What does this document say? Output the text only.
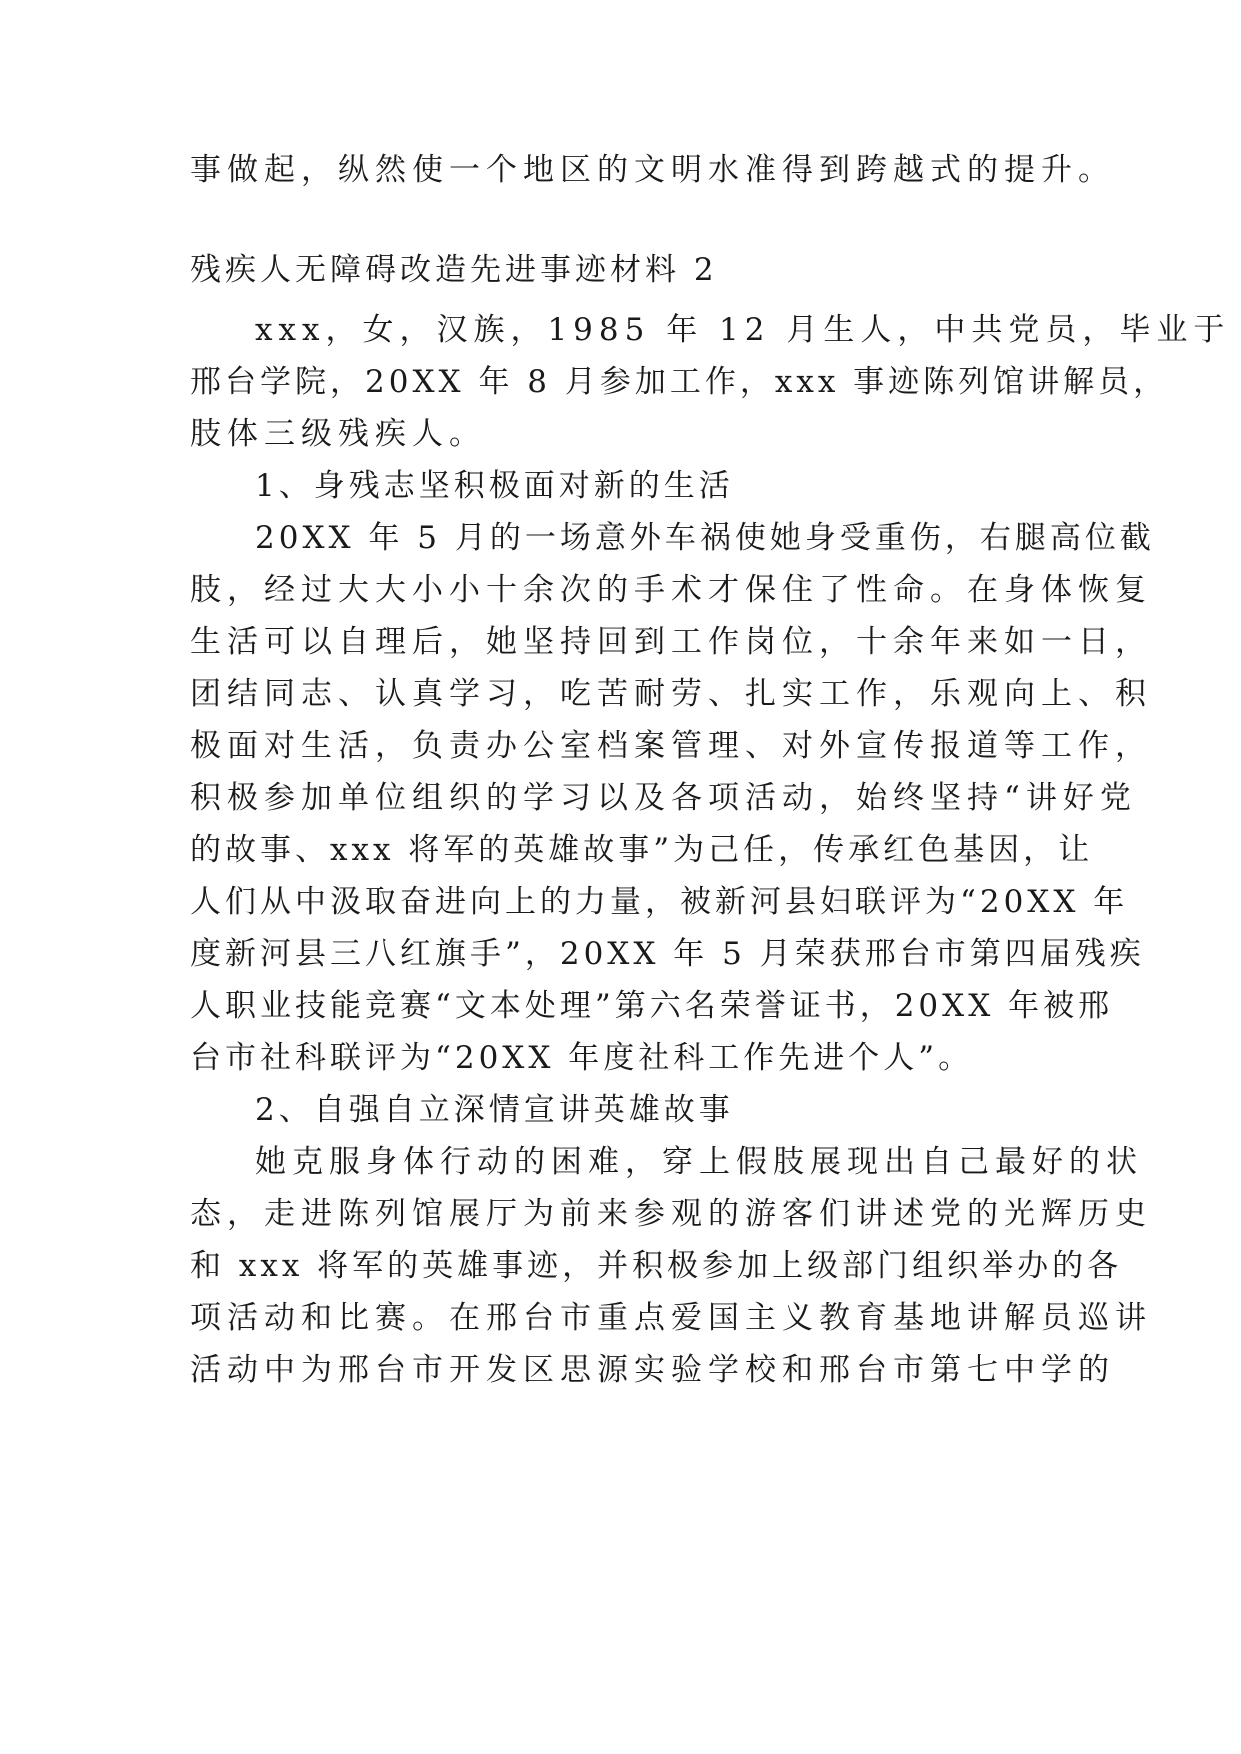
事做起，纵然使一个地区的文明水准得到跨越式的提升。
残疾人无障碍改造先进事迹材料 2
xxx，女，汉族，1985 年 12 月生人，中共党员，毕业于
邢台学院，20XX 年 8 月参加工作，xxx 事迹陈列馆讲解员，
肢体三级残疾人。
1、身残志坚积极面对新的生活
20XX 年 5 月的一场意外车祸使她身受重伤，右腿高位截
肢，经过大大小小十余次的手术才保住了性命。在身体恢复
生活可以自理后，她坚持回到工作岗位，十余年来如一日，
团结同志、认真学习，吃苦耐劳、扎实工作，乐观向上、积
极面对生活，负责办公室档案管理、对外宣传报道等工作，
积极参加单位组织的学习以及各项活动，始终坚持“讲好党
的故事、xxx 将军的英雄故事”为己任，传承红色基因，让
人们从中汲取奋进向上的力量，被新河县妇联评为“20XX 年
度新河县三八红旗手”，20XX 年 5 月荣获邢台市第四届残疾
人职业技能竞赛“文本处理”第六名荣誉证书，20XX 年被邢
台市社科联评为“20XX 年度社科工作先进个人”。
2、自强自立深情宣讲英雄故事
她克服身体行动的困难，穿上假肢展现出自己最好的状
态，走进陈列馆展厅为前来参观的游客们讲述党的光辉历史
和 xxx 将军的英雄事迹，并积极参加上级部门组织举办的各
项活动和比赛。在邢台市重点爱国主义教育基地讲解员巡讲
活动中为邢台市开发区思源实验学校和邢台市第七中学的
